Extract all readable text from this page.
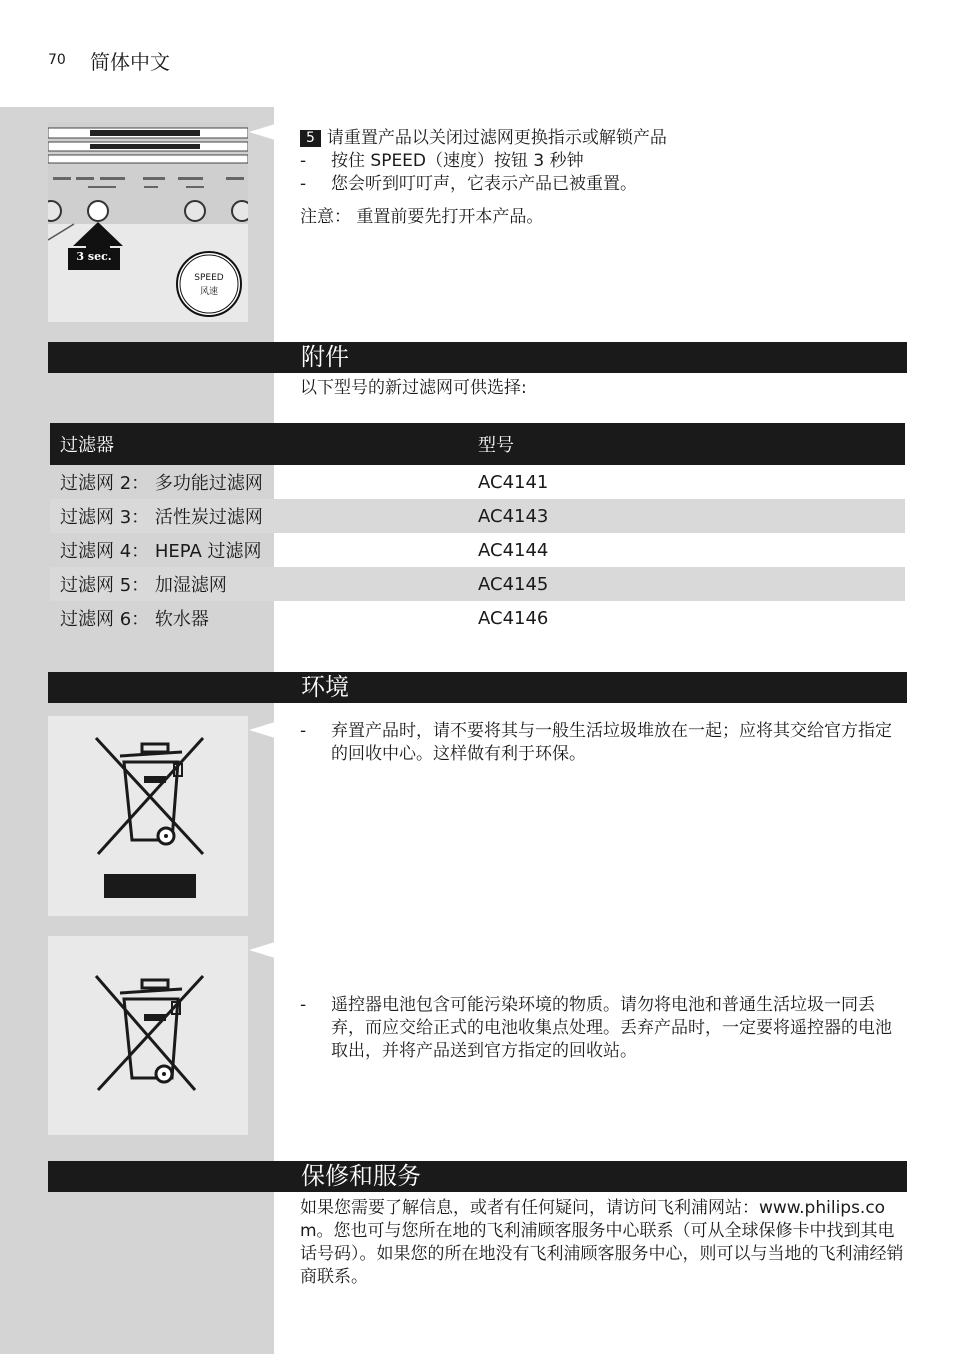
70 简体中文
3 sec.
SPEED
风速
5 请重置产品以关闭过滤网更换指示或解锁产品
- 按住 SPEED（速度）按钮 3 秒钟
- 您会听到叮叮声，它表示产品已被重置。
注意： 重置前要先打开本产品。
附件
以下型号的新过滤网可供选择:
过滤器	型号
过滤网 2： 多功能过滤网	AC4141
过滤网 3： 活性炭过滤网	AC4143
过滤网 4： HEPA 过滤网	AC4144
过滤网 5： 加湿滤网	AC4145
过滤网 6： 软水器	AC4146
环境
- 弃置产品时，请不要将其与一般生活垃圾堆放在一起；应将其交给官方指定的回收中心。这样做有利于环保。
- 遥控器电池包含可能污染环境的物质。请勿将电池和普通生活垃圾一同丢弃，而应交给正式的电池收集点处理。丢弃产品时，一定要将遥控器的电池取出，并将产品送到官方指定的回收站。
保修和服务
如果您需要了解信息，或者有任何疑问，请访问飞利浦网站：www.philips.com。您也可与您所在地的飞利浦顾客服务中心联系（可从全球保修卡中找到其电话号码）。如果您的所在地没有飞利浦顾客服务中心，则可以与当地的飞利浦经销商联系。
